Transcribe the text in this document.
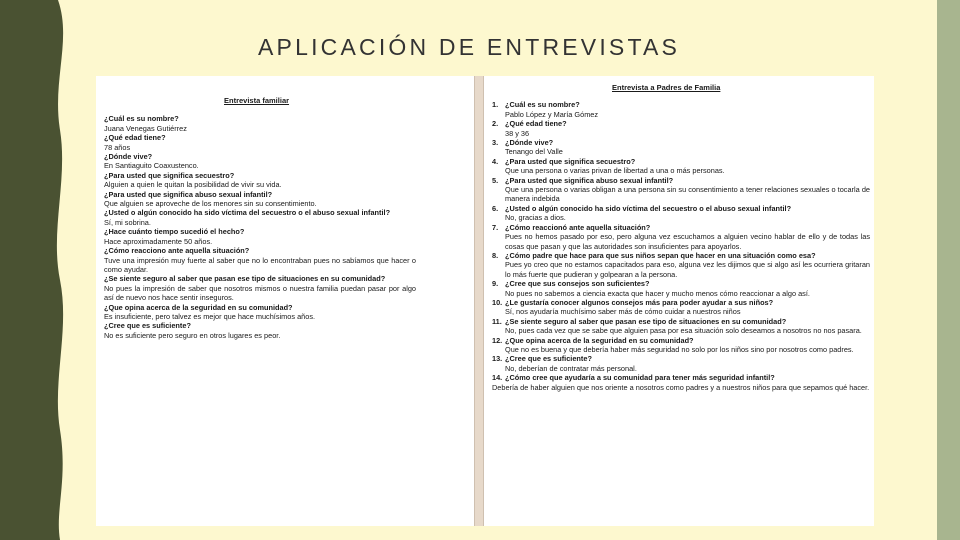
APLICACIÓN DE ENTREVISTAS
Entrevista familiar
¿Cuál es su nombre?
Juana Venegas Gutiérrez
¿Qué edad tiene?
78 años
¿Dónde vive?
En Santiaguito Coaxustenco.
¿Para usted que significa secuestro?
Alguien a quien le quitan la posibilidad de vivir su vida.
¿Para usted que significa abuso sexual infantil?
Que alguien se aproveche de los menores sin su consentimiento.
¿Usted o algún conocido ha sido víctima del secuestro o el abuso sexual infantil?
Sí, mi sobrina.
¿Hace cuánto tiempo sucedió el hecho?
Hace aproximadamente 50 años.
¿Cómo reacciono ante aquella situación?
Tuve una impresión muy fuerte al saber que no lo encontraban pues no sabíamos que hacer o como ayudar.
¿Se siente seguro al saber que pasan ese tipo de situaciones en su comunidad?
No pues la impresión de saber que nosotros mismos o nuestra familia puedan pasar por algo así de nuevo nos hace sentir inseguros.
¿Que opina acerca de la seguridad en su comunidad?
Es insuficiente, pero talvez es mejor que hace muchísimos años.
¿Cree que es suficiente?
No es suficiente pero seguro en otros lugares es peor.
Entrevista a Padres de Familia
1. ¿Cuál es su nombre?
Pablo López y María Gómez
2. ¿Qué edad tiene?
38 y 36
3. ¿Dónde vive?
Tenango del Valle
4. ¿Para usted que significa secuestro?
Que una persona o varias privan de libertad a una o más personas.
5. ¿Para usted que significa abuso sexual infantil?
Que una persona o varias obligan a una persona sin su consentimiento a tener relaciones sexuales o tocarla de manera indebida
6. ¿Usted o algún conocido ha sido víctima del secuestro o el abuso sexual infantil?
No, gracias a dios.
7. ¿Cómo reaccionó ante aquella situación?
Pues no hemos pasado por eso, pero alguna vez escuchamos a alguien vecino hablar de ello y de todas las cosas que pasan y que las autoridades son insuficientes para apoyarlos.
8. ¿Cómo padre que hace para que sus niños sepan que hacer en una situación como esa?
Pues yo creo que no estamos capacitados para eso, alguna vez les dijimos que si algo así les ocurriera gritaran lo más fuerte que pudieran y golpearan a la persona.
9. ¿Cree que sus consejos son suficientes?
No pues no sabemos a ciencia exacta que hacer y mucho menos cómo reaccionar a algo así.
10. ¿Le gustaría conocer algunos consejos más para poder ayudar a sus niños?
Sí, nos ayudaría muchísimo saber más de cómo cuidar a nuestros niños
11. ¿Se siente seguro al saber que pasan ese tipo de situaciones en su comunidad?
No, pues cada vez que se sabe que alguien pasa por esa situación solo deseamos a nosotros no nos pasara.
12. ¿Que opina acerca de la seguridad en su comunidad?
Que no es buena y que debería haber más seguridad no solo por los niños sino por nosotros como padres.
13. ¿Cree que es suficiente?
No, deberían de contratar más personal.
14. ¿Cómo cree que ayudaría a su comunidad para tener más seguridad infantil?
Debería de haber alguien que nos oriente a nosotros como padres y a nuestros niños para que sepamos qué hacer.
